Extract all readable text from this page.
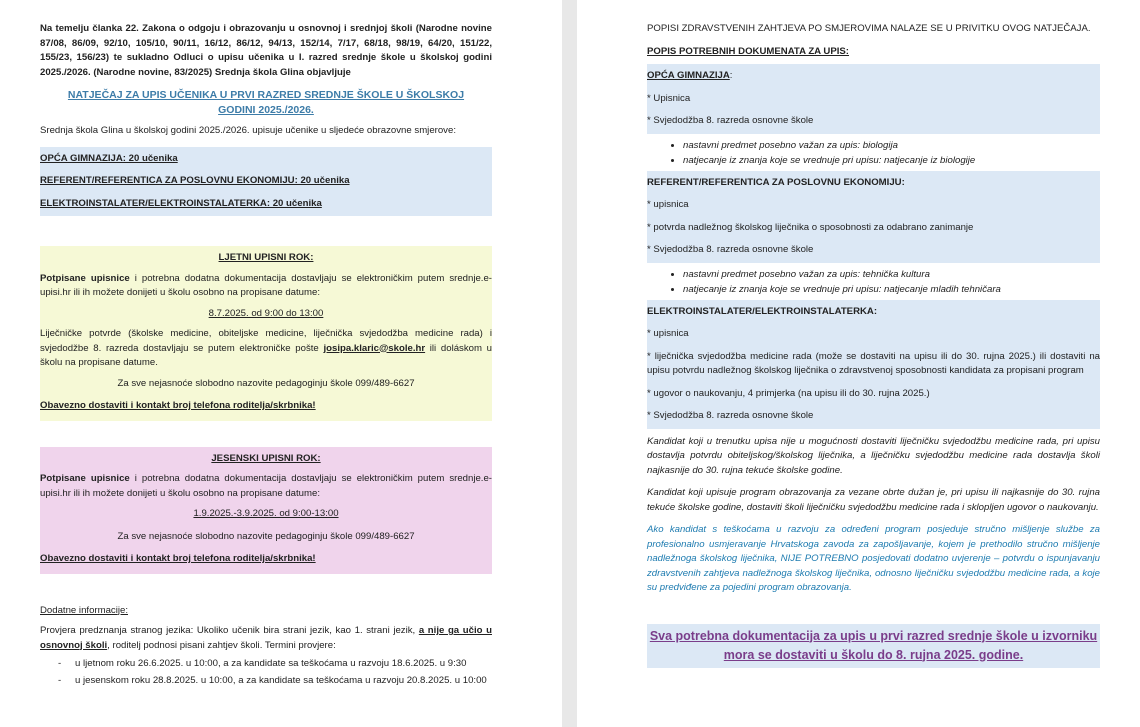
Na temelju članka 22. Zakona o odgoju i obrazovanju u osnovnoj i srednjoj školi (Narodne novine 87/08, 86/09, 92/10, 105/10, 90/11, 16/12, 86/12, 94/13, 152/14, 7/17, 68/18, 98/19, 64/20, 151/22, 155/23, 156/23) te sukladno Odluci o upisu učenika u I. razred srednje škole u školskoj godini 2025./2026. (Narodne novine, 83/2025) Srednja škola Glina objavljuje

NATJEČAJ ZA UPIS UČENIKA U PRVI RAZRED SREDNJE ŠKOLE U ŠKOLSKOJ GODINI 2025./2026.

Srednja škola Glina u školskoj godini 2025./2026. upisuje učenike u sljedeće obrazovne smjerove:

OPĆA GIMNAZIJA: 20 učenika

REFERENT/REFERENTICA ZA POSLOVNU EKONOMIJU: 20 učenika

ELEKTROINSTALATER/ELEKTROINSTALATERKA: 20 učenika

LJETNI UPISNI ROK:

Potpisane upisnice i potrebna dodatna dokumentacija dostavljaju se elektroničkim putem srednje.e-upisi.hr ili ih možete donijeti u školu osobno na propisane datume:

8.7.2025. od 9:00 do 13:00

Liječničke potvrde (školske medicine, obiteljske medicine, liječnička svjedodžba medicine rada) i svjedodžbe 8. razreda dostavljaju se putem elektroničke pošte josipa.klaric@skole.hr ili doláskom u školu na propisane datume.

Za sve nejasnoće slobodno nazovite pedagoginju škole 099/489-6627

Obavezno dostaviti i kontakt broj telefona roditelja/skrbnika!

JESENSKI UPISNI ROK:

Potpisane upisnice i potrebna dodatna dokumentacija dostavljaju se elektroničkim putem srednje.e-upisi.hr ili ih možete donijeti u školu osobno na propisane datume:

1.9.2025.-3.9.2025. od 9:00-13:00

Za sve nejasnoće slobodno nazovite pedagoginju škole 099/489-6627

Obavezno dostaviti i kontakt broj telefona roditelja/skrbnika!

Dodatne informacije:

Provjera predznanja stranog jezika: Ukoliko učenik bira strani jezik, kao 1. strani jezik, a nije ga učio u osnovnoj školi, roditelj podnosi pisani zahtjev školi. Termini provjere:

- u ljetnom roku 26.6.2025. u 10:00, a za kandidate sa teškoćama u razvoju 18.6.2025. u 9:30
- u jesenskom roku 28.8.2025. u 10:00, a za kandidate sa teškoćama u razvoju 20.8.2025. u 10:00

POPISI ZDRAVSTVENIH ZAHTJEVA PO SMJEROVIMA NALAZE SE U PRIVITKU OVOG NATJEČAJA.

POPIS POTREBNIH DOKUMENATA ZA UPIS:

OPĆA GIMNAZIJA:

* Upisnica

* Svjedodžba 8. razreda osnovne škole

• nastavni predmet posebno važan za upis: biologija
• natjecanje iz znanja koje se vrednuje pri upisu: natjecanje iz biologije

REFERENT/REFERENTICA ZA POSLOVNU EKONOMIJU:

* upisnica

* potvrda nadležnog školskog liječnika o sposobnosti za odabrano zanimanje

* Svjedodžba 8. razreda osnovne škole

• nastavni predmet posebno važan za upis: tehnička kultura
• natjecanje iz znanja koje se vrednuje pri upisu: natjecanje mladih tehničara

ELEKTROINSTALATER/ELEKTROINSTALATERKA:

* upisnica

* liječnička svjedodžba medicine rada (može se dostaviti na upisu ili do 30. rujna 2025.) ili dostaviti na upisu potvrdu nadležnog školskog liječnika o zdravstvenoj sposobnosti kandidata za propisani program

* ugovor o naukovanju, 4 primjerka (na upisu ili do 30. rujna 2025.)

* Svjedodžba 8. razreda osnovne škole

Kandidat koji u trenutku upisa nije u mogućnosti dostaviti liječničku svjedodžbu medicine rada, pri upisu dostavlja potvrdu obiteljskog/školskog liječnika, a liječničku svjedodžbu medicine rada dostavlja školi najkasnije do 30. rujna tekuće školske godine.

Kandidat koji upisuje program obrazovanja za vezane obrte dužan je, pri upisu ili najkasnije do 30. rujna tekuće školske godine, dostaviti školi liječničku svjedodžbu medicine rada i sklopljen ugovor o naukovanju.

Ako kandidat s teškoćama u razvoju za određeni program posjeduje stručno mišljenje službe za profesionalno usmjeravanje Hrvatskoga zavoda za zapošljavanje, kojem je prethodilo stručno mišljenje nadležnoga školskog liječnika, NIJE POTREBNO posjedovati dodatno uvjerenje – potvrdu o ispunjavanju zdravstvenih zahtjeva nadležnoga školskog liječnika, odnosno liječničku svjedodžbu medicine rada, a koje su predviđene za pojedini program obrazovanja.

Sva potrebna dokumentacija za upis u prvi razred srednje škole u izvorniku mora se dostaviti u školu do 8. rujna 2025. godine.
